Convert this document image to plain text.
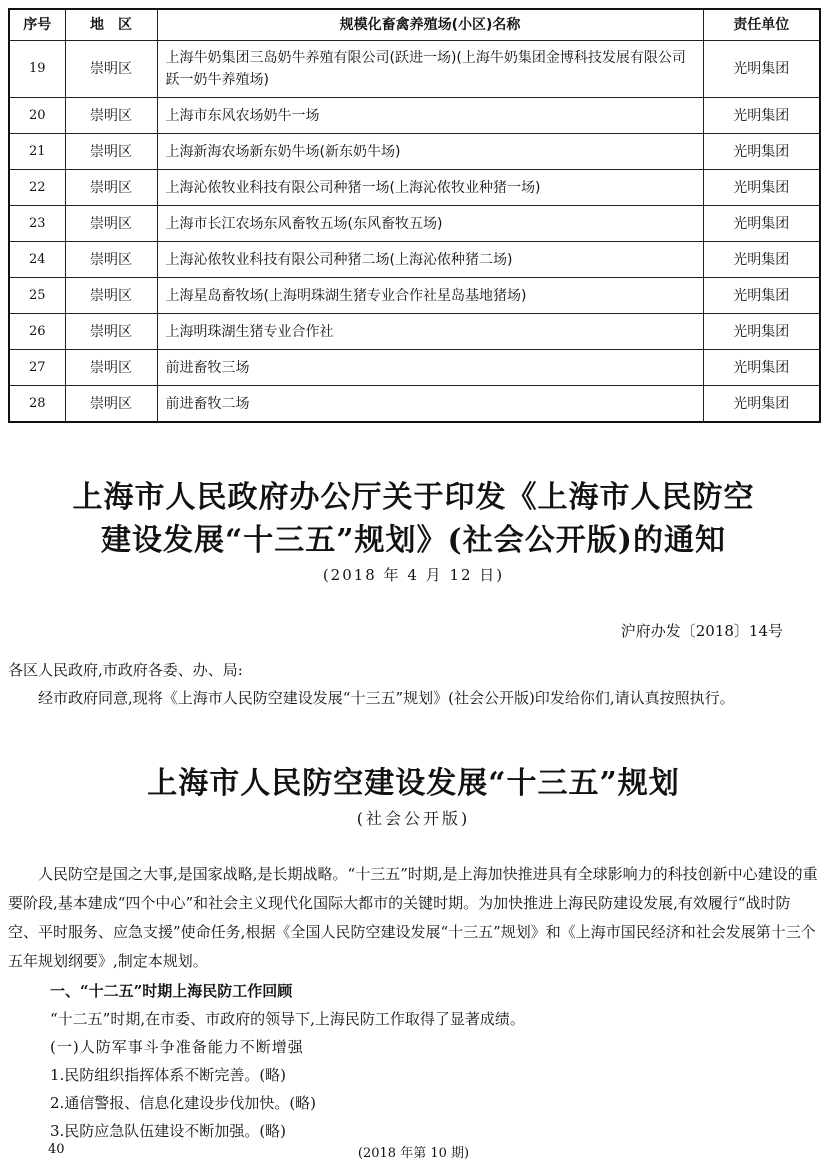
序号	地　区	规模化畜禽养殖场(小区)名称	责任单位
19	崇明区	上海牛奶集团三岛奶牛养殖有限公司(跃进一场)(上海牛奶集团金博科技发展有限公司跃一奶牛养殖场)	光明集团
20	崇明区	上海市东风农场奶牛一场	光明集团
21	崇明区	上海新海农场新东奶牛场(新东奶牛场)	光明集团
22	崇明区	上海沁侬牧业科技有限公司种猪一场(上海沁侬牧业种猪一场)	光明集团
23	崇明区	上海市长江农场东风畜牧五场(东风畜牧五场)	光明集团
24	崇明区	上海沁侬牧业科技有限公司种猪二场(上海沁侬种猪二场)	光明集团
25	崇明区	上海星岛畜牧场(上海明珠湖生猪专业合作社星岛基地猪场)	光明集团
26	崇明区	上海明珠湖生猪专业合作社	光明集团
27	崇明区	前进畜牧三场	光明集团
28	崇明区	前进畜牧二场	光明集团
上海市人民政府办公厅关于印发《上海市人民防空
建设发展“十三五”规划》(社会公开版)的通知
(2018 年 4 月 12 日)
沪府办发〔2018〕14号

各区人民政府,市政府各委、办、局:

经市政府同意,现将《上海市人民防空建设发展“十三五”规划》(社会公开版)印发给你们,请认真按照执行。

上海市人民防空建设发展“十三五”规划
(社会公开版)

人民防空是国之大事,是国家战略,是长期战略。“十三五”时期,是上海加快推进具有全球影响力的科技创新中心建设的重要阶段,基本建成“四个中心”和社会主义现代化国际大都市的关键时期。为加快推进上海民防建设发展,有效履行“战时防空、平时服务、应急支援”使命任务,根据《全国人民防空建设发展“十三五”规划》和《上海市国民经济和社会发展第十三个五年规划纲要》,制定本规划。

一、“十二五”时期上海民防工作回顾

“十二五”时期,在市委、市政府的领导下,上海民防工作取得了显著成绩。

(一)人防军事斗争准备能力不断增强

1.民防组织指挥体系不断完善。(略)

2.通信警报、信息化建设步伐加快。(略)

3.民防应急队伍建设不断加强。(略)

40	(2018 年第 10 期)
